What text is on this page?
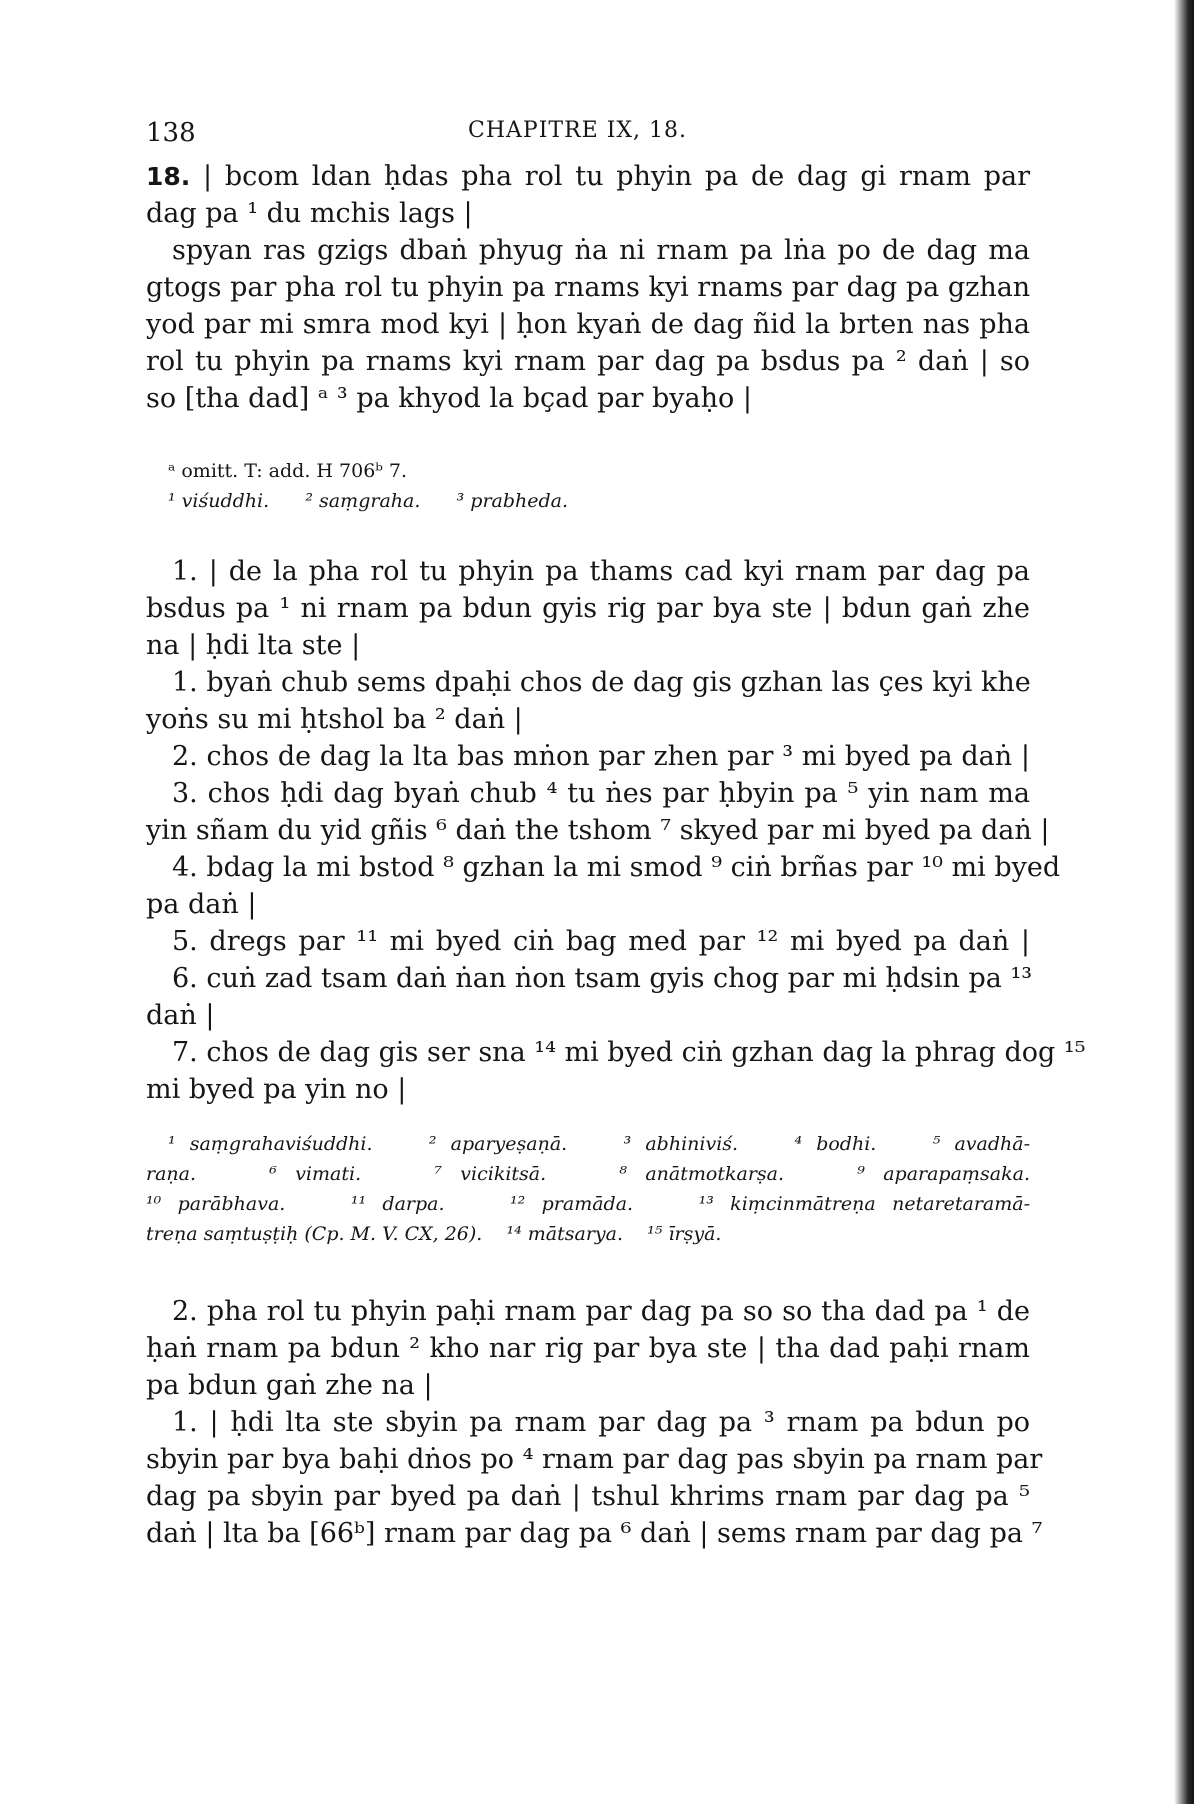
138	CHAPITRE IX, 18.
18. | bcom ldan ḥdas pha rol tu phyin pa de dag gi rnam par
dag pa ¹ du mchis lags |
spyan ras gzigs dbaṅ phyug ṅa ni rnam pa lṅa po de dag ma
gtogs par pha rol tu phyin pa rnams kyi rnams par dag pa gzhan
yod par mi smra mod kyi | ḥon kyaṅ de dag ñid la brten nas pha
rol tu phyin pa rnams kyi rnam par dag pa bsdus pa ² daṅ | so
so [tha dad] ᵃ ³ pa khyod la bçad par byaḥo |
ᵃ omitt. T: add. H 706ᵇ 7.
¹ viśuddhi.      ² saṃgraha.      ³ prabheda.
1. | de la pha rol tu phyin pa thams cad kyi rnam par dag pa
bsdus pa ¹ ni rnam pa bdun gyis rig par bya ste | bdun gaṅ zhe
na | ḥdi lta ste |
1. byaṅ chub sems dpaḥi chos de dag gis gzhan las çes kyi khe
yoṅs su mi ḥtshol ba ² daṅ |
2. chos de dag la lta bas mṅon par zhen par ³ mi byed pa daṅ |
3. chos ḥdi dag byaṅ chub ⁴ tu ṅes par ḥbyin pa ⁵ yin nam ma
yin sñam du yid gñis ⁶ daṅ the tshom ⁷ skyed par mi byed pa daṅ |
4. bdag la mi bstod ⁸ gzhan la mi smod ⁹ ciṅ brñas par ¹⁰ mi byed
pa daṅ |
5. dregs par ¹¹ mi byed ciṅ bag med par ¹² mi byed pa daṅ |
6. cuṅ zad tsam daṅ ṅan ṅon tsam gyis chog par mi ḥdsin pa ¹³
daṅ |
7. chos de dag gis ser sna ¹⁴ mi byed ciṅ gzhan dag la phrag dog ¹⁵
mi byed pa yin no |
¹ saṃgrahaviśuddhi.    ² aparyeṣaṇā.    ³ abhiniviś.    ⁴ bodhi.    ⁵ avadhā-
raṇa.    ⁶ vimati.    ⁷ vicikitsā.    ⁸ anātmotkarṣa.    ⁹ aparapaṃsaka.
¹⁰ parābhava.    ¹¹ darpa.    ¹² pramāda.    ¹³ kiṃcinmātreṇa netaretaramā-
treṇa saṃtuṣṭiḥ (Cp. M. V. CX, 26).    ¹⁴ mātsarya.    ¹⁵ īrṣyā.
2. pha rol tu phyin paḥi rnam par dag pa so so tha dad pa ¹ de
ḥaṅ rnam pa bdun ² kho nar rig par bya ste | tha dad paḥi rnam
pa bdun gaṅ zhe na |
1. | ḥdi lta ste sbyin pa rnam par dag pa ³ rnam pa bdun po
sbyin par bya baḥi dṅos po ⁴ rnam par dag pas sbyin pa rnam par
dag pa sbyin par byed pa daṅ | tshul khrims rnam par dag pa ⁵
daṅ | lta ba [66ᵇ] rnam par dag pa ⁶ daṅ | sems rnam par dag pa ⁷
